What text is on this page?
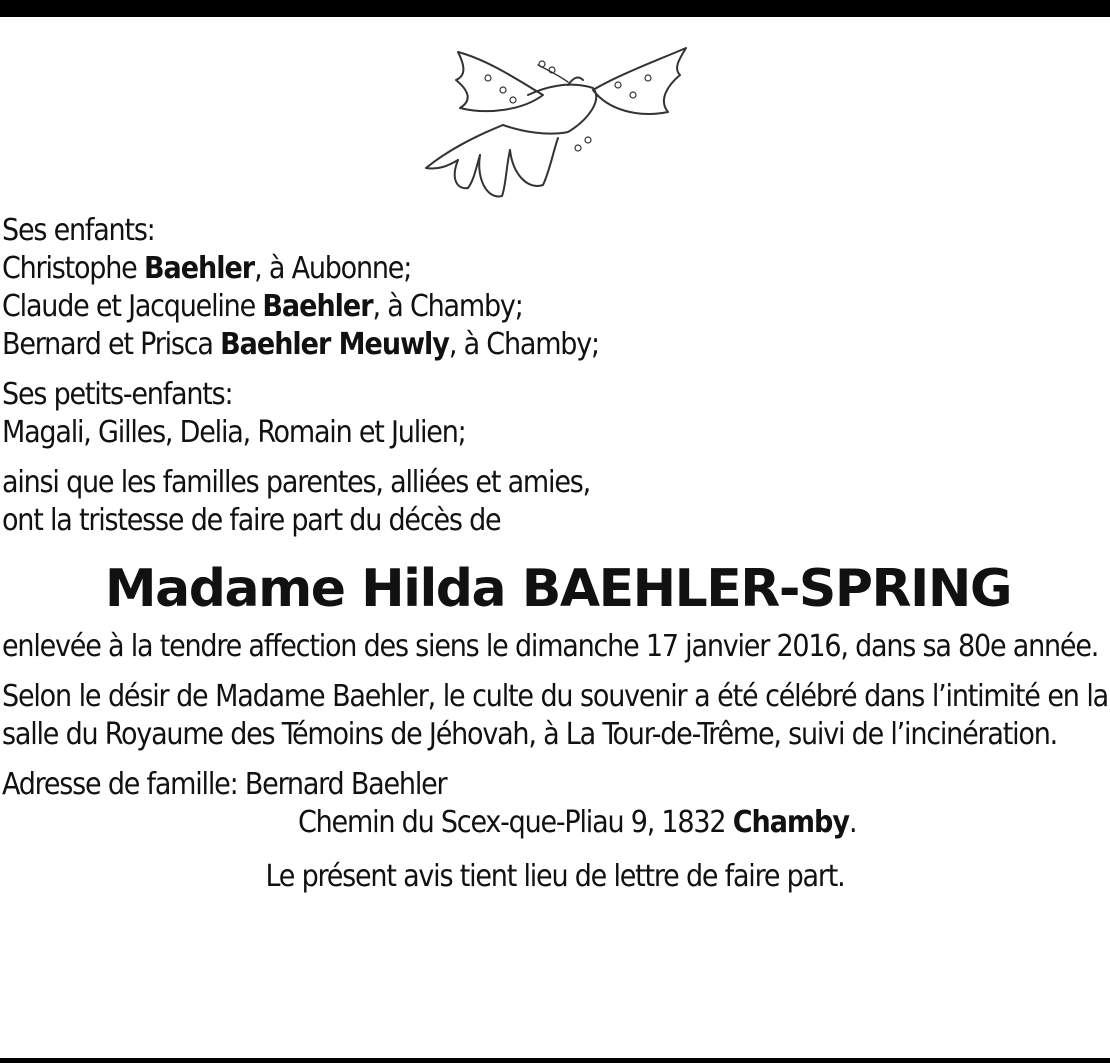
Ses enfants:

Christophe Baehler, à Aubonne;

Claude et Jacqueline Baehler, à Chamby;

Bernard et Prisca Baehler Meuwly, à Chamby;

Ses petits-enfants:

Magali, Gilles, Delia, Romain et Julien;

ainsi que les familles parentes, alliées et amies,

ont la tristesse de faire part du décès de

Madame Hilda BAEHLER-SPRING

enlevée à la tendre affection des siens le dimanche 17 janvier 2016, dans sa 80e année.

Selon le désir de Madame Baehler, le culte du souvenir a été célébré dans l’intimité en la salle du Royaume des Témoins de Jéhovah, à La Tour-de-Trême, suivi de l’incinération.

Adresse de famille: Bernard Baehler

Chemin du Scex-que-Pliau 9, 1832 Chamby.

Le présent avis tient lieu de lettre de faire part.
